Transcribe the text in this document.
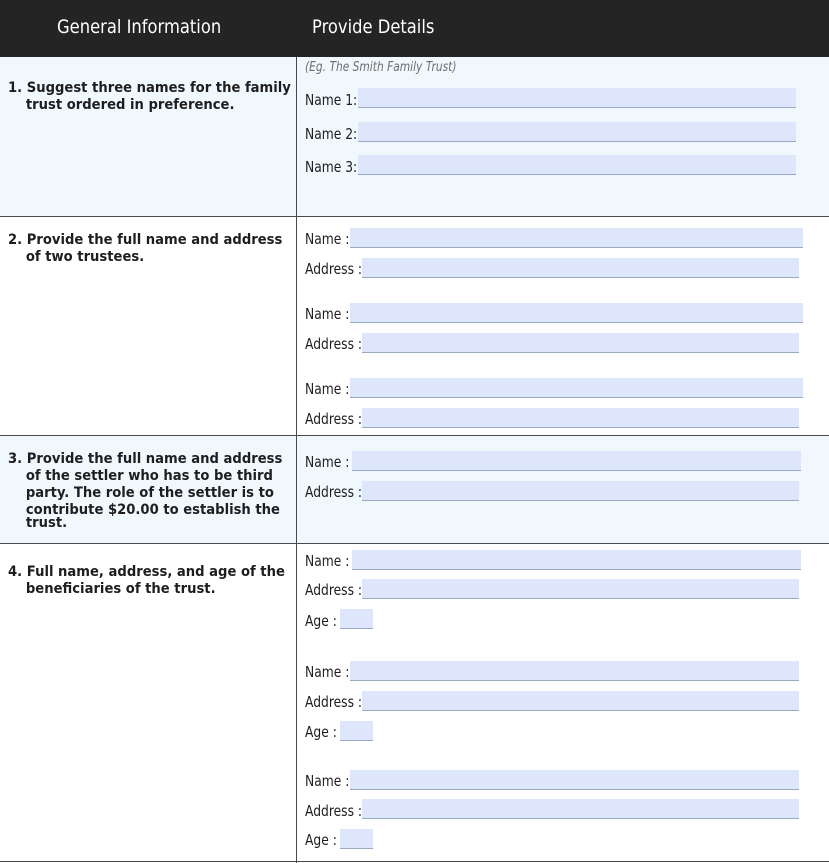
General Information	Provide Details
1. Suggest three names for the family
trust ordered in preference.
(Eg. The Smith Family Trust)
Name 1:
Name 2:
Name 3:
2. Provide the full name and address
of two trustees.
Name :
Address :
Name :
Address :
Name :
Address :
3. Provide the full name and address
of the settler who has to be third
party. The role of the settler is to
contribute $20.00 to establish the
trust.
Name :
Address :
4. Full name, address, and age of the
beneficiaries of the trust.
Name :
Address :
Age :
Name :
Address :
Age :
Name :
Address :
Age :
